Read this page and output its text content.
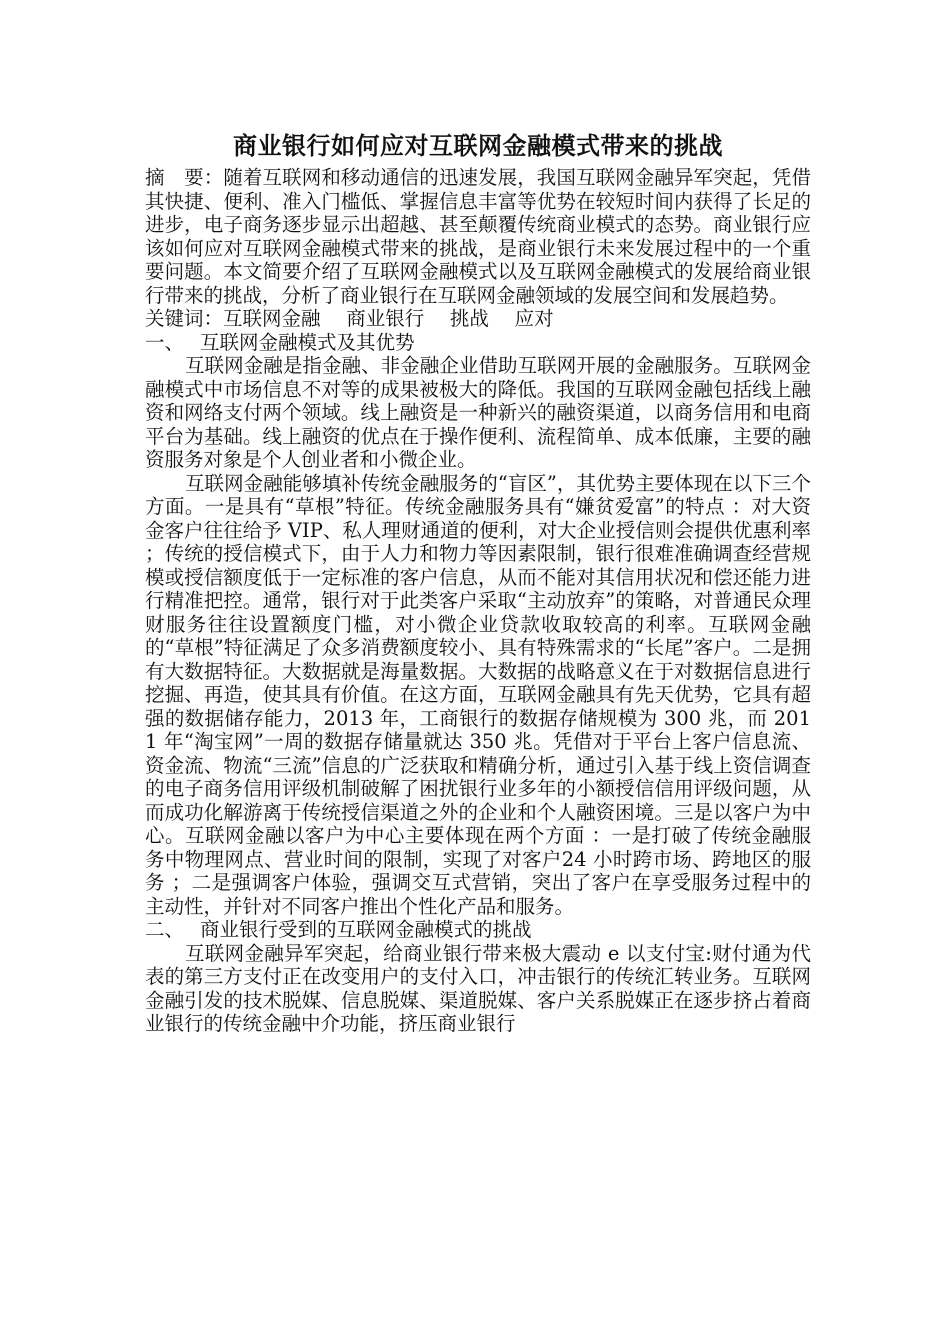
商业银行如何应对互联网金融模式带来的挑战

摘　要：随着互联网和移动通信的迅速发展，我国互联网金融异军突起，凭借其快捷、便利、准入门槛低、掌握信息丰富等优势在较短时间内获得了长足的进步，电子商务逐步显示出超越、甚至颠覆传统商业模式的态势。商业银行应该如何应对互联网金融模式带来的挑战，是商业银行未来发展过程中的一个重要问题。本文简要介绍了互联网金融模式以及互联网金融模式的发展给商业银行带来的挑战，分析了商业银行在互联网金融领域的发展空间和发展趋势。

关键词：互联网金融　 商业银行　 挑战　 应对

一、　 互联网金融模式及其优势

互联网金融是指金融、非金融企业借助互联网开展的金融服务。互联网金融模式中市场信息不对等的成果被极大的降低。我国的互联网金融包括线上融资和网络支付两个领域。线上融资是一种新兴的融资渠道，以商务信用和电商平台为基础。线上融资的优点在于操作便利、流程简单、成本低廉，主要的融资服务对象是个人创业者和小微企业。

互联网金融能够填补传统金融服务的“盲区”，其优势主要体现在以下三个方面。一是具有“草根”特征。传统金融服务具有“嫌贫爱富”的特点 ：对大资金客户往往给予 VIP、私人理财通道的便利，对大企业授信则会提供优惠利率 ；传统的授信模式下，由于人力和物力等因素限制，银行很难准确调查经营规模或授信额度低于一定标准的客户信息，从而不能对其信用状况和偿还能力进行精准把控。通常，银行对于此类客户采取“主动放弃”的策略，对普通民众理财服务往往设置额度门槛，对小微企业贷款收取较高的利率。互联网金融的“草根”特征满足了众多消费额度较小、具有特殊需求的“长尾”客户。二是拥有大数据特征。大数据就是海量数据。大数据的战略意义在于对数据信息进行挖掘、再造，使其具有价值。在这方面，互联网金融具有先天优势，它具有超强的数据储存能力，2013 年，工商银行的数据存储规模为 300 兆，而 2011 年“淘宝网”一周的数据存储量就达 350 兆。凭借对于平台上客户信息流、资金流、物流“三流”信息的广泛获取和精确分析，通过引入基于线上资信调查的电子商务信用评级机制破解了困扰银行业多年的小额授信信用评级问题，从而成功化解游离于传统授信渠道之外的企业和个人融资困境。三是以客户为中心。互联网金融以客户为中心主要体现在两个方面 ：一是打破了传统金融服务中物理网点、营业时间的限制，实现了对客户24 小时跨市场、跨地区的服务 ；二是强调客户体验，强调交互式营销，突出了客户在享受服务过程中的主动性，并针对不同客户推出个性化产品和服务。

二、　 商业银行受到的互联网金融模式的挑战

互联网金融异军突起，给商业银行带来极大震动 e 以支付宝:财付通为代表的第三方支付正在改变用户的支付入口，冲击银行的传统汇转业务。互联网金融引发的技术脱媒、信息脱媒、渠道脱媒、客户关系脱媒正在逐步挤占着商业银行的传统金融中介功能，挤压商业银行
